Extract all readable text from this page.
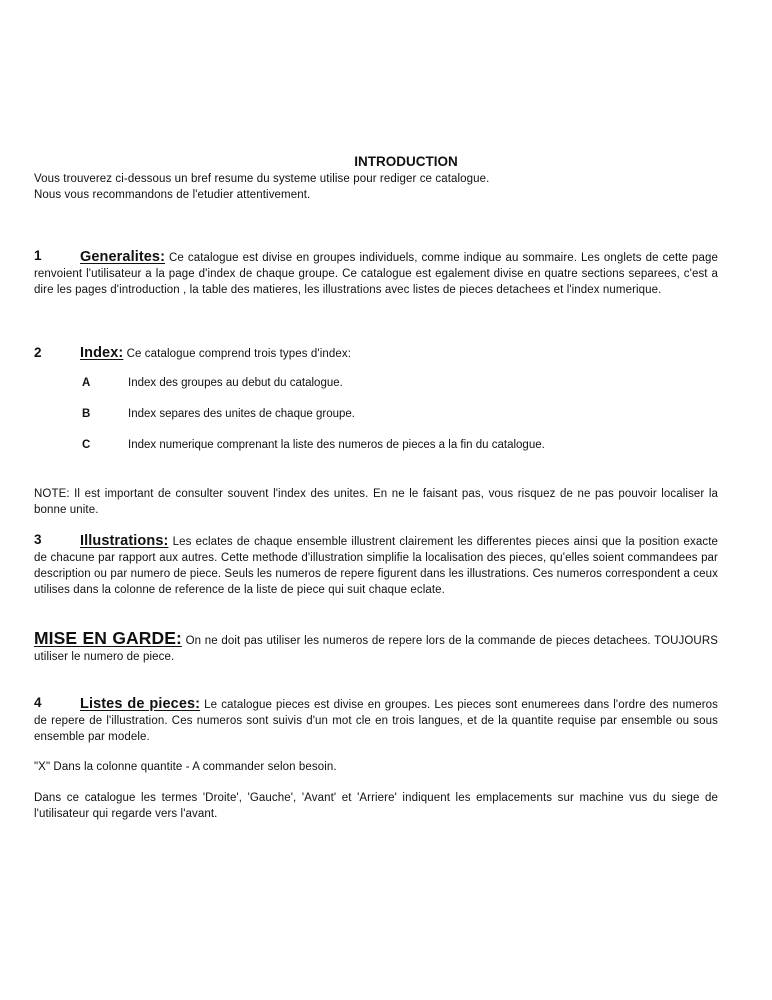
INTRODUCTION
Vous trouverez ci-dessous un bref resume du systeme utilise pour rediger ce catalogue.
Nous vous recommandons de l'etudier attentivement.
1	Generalites: Ce catalogue est divise en groupes individuels, comme indique au sommaire. Les onglets de cette page renvoient l'utilisateur a la page d'index de chaque groupe. Ce catalogue est egalement divise en quatre sections separees, c'est a dire les pages d'introduction , la table des matieres, les illustrations avec listes de pieces detachees et l'index numerique.
2	Index: Ce catalogue comprend trois types d'index:
A	Index des groupes au debut du catalogue.
B	Index separes des unites de chaque groupe.
C	Index numerique comprenant la liste des numeros de pieces a la fin du catalogue.
NOTE: Il est important de consulter souvent l'index des unites. En ne le faisant pas, vous risquez de ne pas pouvoir localiser la bonne unite.
3	Illustrations: Les eclates de chaque ensemble illustrent clairement les differentes pieces ainsi que la position exacte de chacune par rapport aux autres. Cette methode d'illustration simplifie la localisation des pieces, qu'elles soient commandees par description ou par numero de piece. Seuls les numeros de repere figurent dans les illustrations. Ces numeros correspondent a ceux utilises dans la colonne de reference de la liste de piece qui suit chaque eclate.
MISE EN GARDE: On ne doit pas utiliser les numeros de repere lors de la commande de pieces detachees. TOUJOURS utiliser le numero de piece.
4	Listes de pieces: Le catalogue pieces est divise en groupes. Les pieces sont enumerees dans l'ordre des numeros de repere de l'illustration. Ces numeros sont suivis d'un mot cle en trois langues, et de la quantite requise par ensemble ou sous ensemble par modele.
"X" Dans la colonne quantite - A commander selon besoin.
Dans ce catalogue les termes 'Droite', 'Gauche', 'Avant' et 'Arriere' indiquent les emplacements sur machine vus du siege de l'utilisateur qui regarde vers l'avant.
